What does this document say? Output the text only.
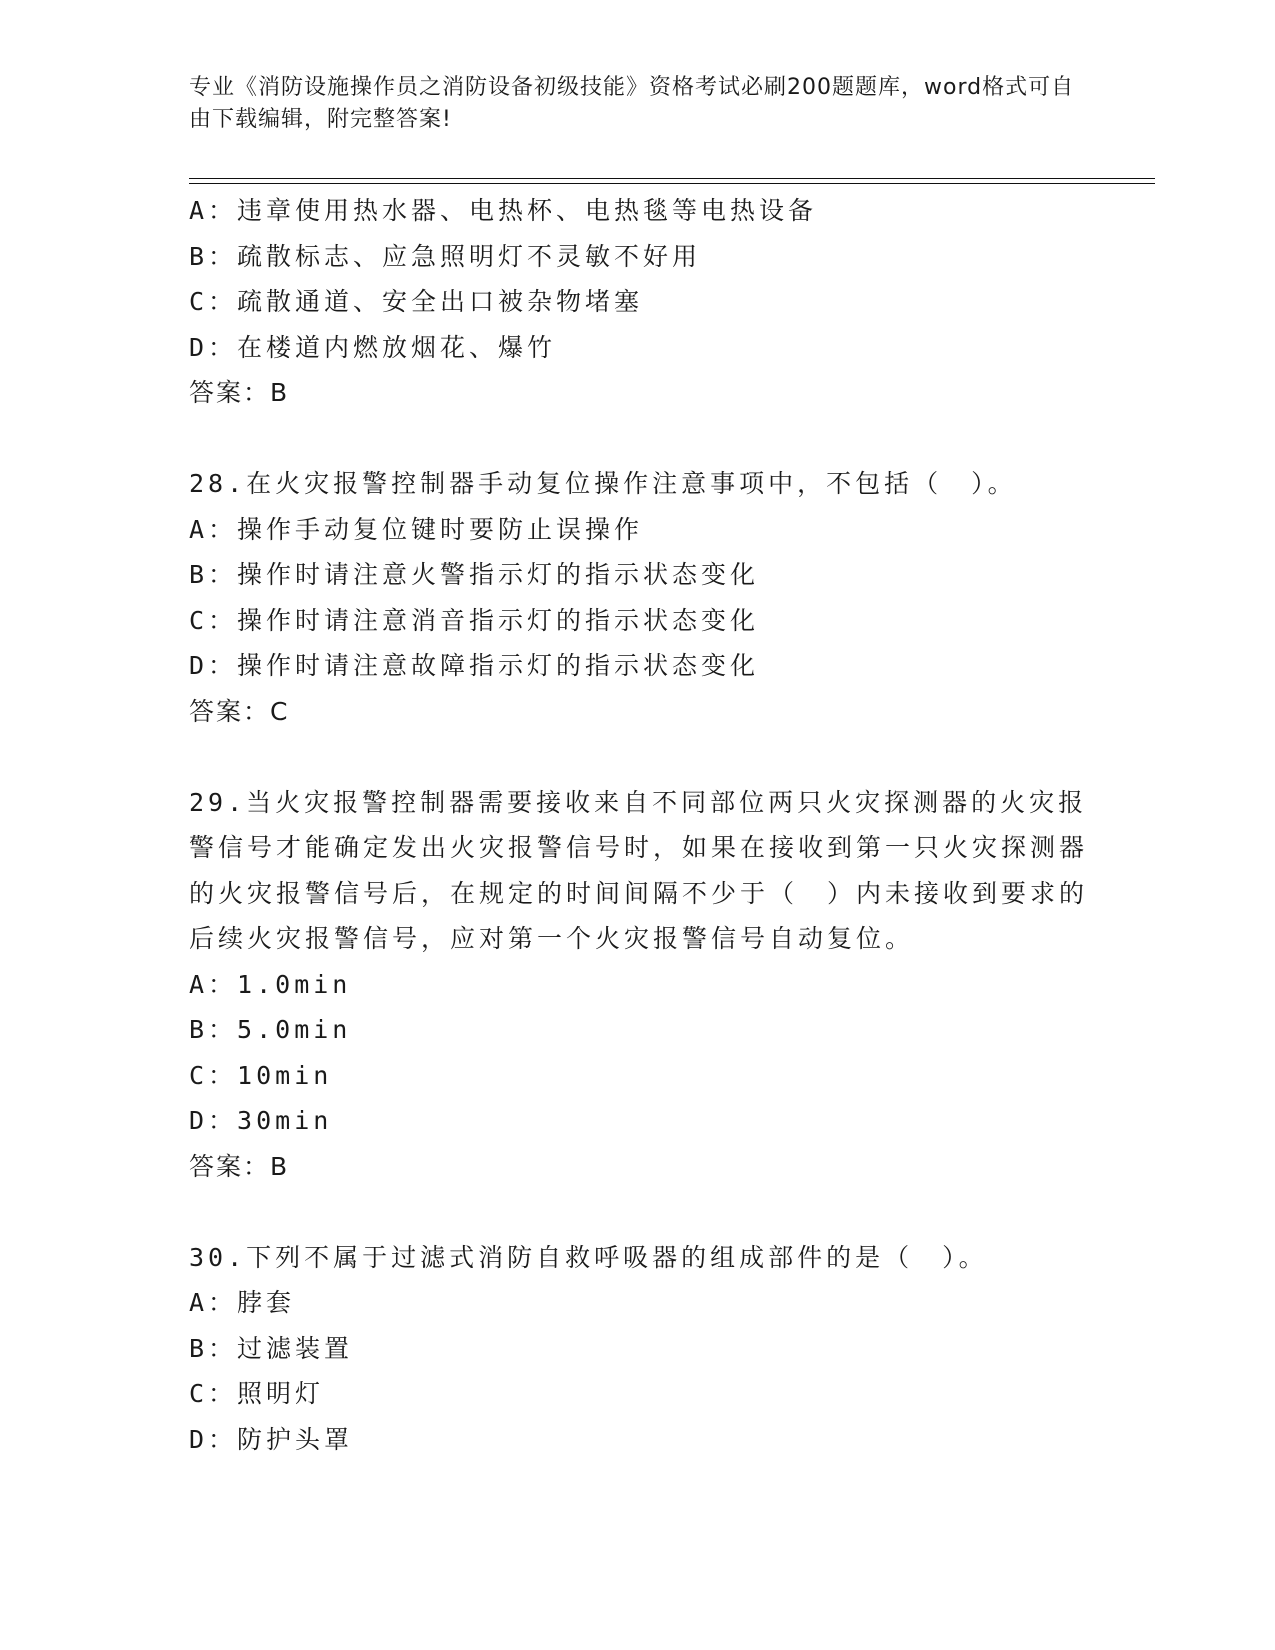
专业《消防设施操作员之消防设备初级技能》资格考试必刷200题题库，word格式可自由下载编辑，附完整答案!
A：违章使用热水器、电热杯、电热毯等电热设备
B：疏散标志、应急照明灯不灵敏不好用
C：疏散通道、安全出口被杂物堵塞
D：在楼道内燃放烟花、爆竹
答案：B
28.在火灾报警控制器手动复位操作注意事项中，不包括（　）。
A：操作手动复位键时要防止误操作
B：操作时请注意火警指示灯的指示状态变化
C：操作时请注意消音指示灯的指示状态变化
D：操作时请注意故障指示灯的指示状态变化
答案：C
29.当火灾报警控制器需要接收来自不同部位两只火灾探测器的火灾报警信号才能确定发出火灾报警信号时，如果在接收到第一只火灾探测器的火灾报警信号后，在规定的时间间隔不少于（　）内未接收到要求的后续火灾报警信号，应对第一个火灾报警信号自动复位。
A：1.0min
B：5.0min
C：10min
D：30min
答案：B
30.下列不属于过滤式消防自救呼吸器的组成部件的是（　）。
A：脖套
B：过滤装置
C：照明灯
D：防护头罩
